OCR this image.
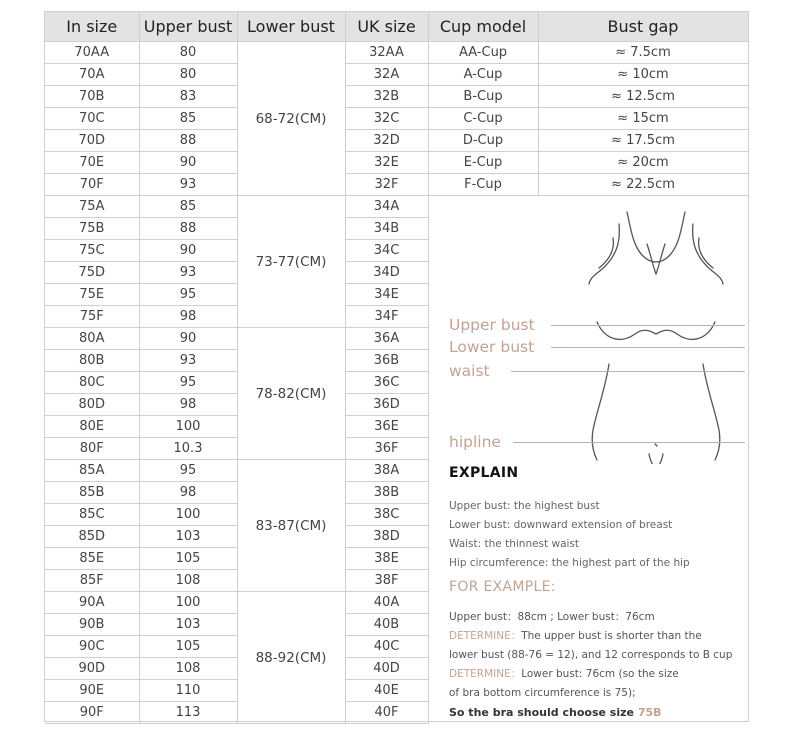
In size	Upper bust	Lower bust	UK size	Cup model	Bust gap
70AA	80	68-72(CM)	32AA	AA-Cup	≈ 7.5cm
70A	80		32A	A-Cup	≈ 10cm
70B	83		32B	B-Cup	≈ 12.5cm
70C	85		32C	C-Cup	≈ 15cm
70D	88		32D	D-Cup	≈ 17.5cm
70E	90		32E	E-Cup	≈ 20cm
70F	93		32F	F-Cup	≈ 22.5cm
75A	85	73-77(CM)	34A		
75B	88		34B		
75C	90		34C		
75D	93		34D		
75E	95		34E		
75F	98		34F		
80A	90	78-82(CM)	36A		
80B	93		36B		
80C	95		36C		
80D	98		36D		
80E	100		36E		
80F	10.3		36F		
85A	95	83-87(CM)	38A		
85B	98		38B		
85C	100		38C		
85D	103		38D		
85E	105		38E		
85F	108		38F		
90A	100	88-92(CM)	40A		
90B	103		40B		
90C	105		40C		
90D	108		40D		
90E	110		40E		
90F	113		40F		
Upper bust
Lower bust
waist
hipline
EXPLAIN
Upper bust: the highest bust
Lower bust: downward extension of breast
Waist: the thinnest waist
Hip circumference: the highest part of the hip
FOR EXAMPLE:
Upper bust：88cm ; Lower bust：76cm
DETERMINE：The upper bust is shorter than the
lower bust (88-76 = 12), and 12 corresponds to B cup
DETERMINE：Lower bust: 76cm (so the size
of bra bottom circumference is 75);
So the bra should choose size 75B
